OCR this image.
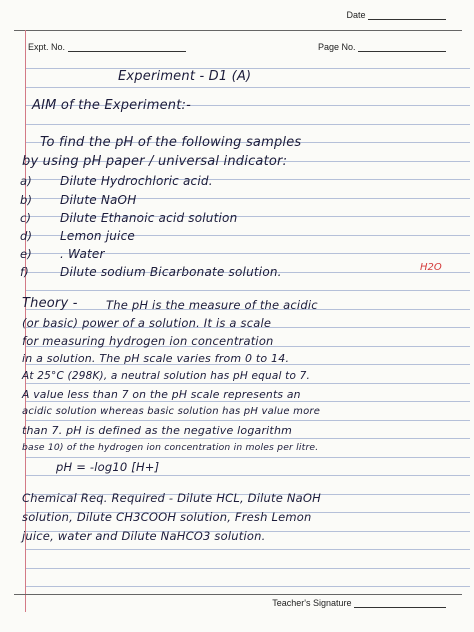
Date
Expt. No.	Page No.
Experiment - D1 (A)
AIM of the Experiment:-
To find the pH of the following samples
by using pH paper / universal indicator:
a) Dilute Hydrochloric acid.
b) Dilute NaOH
c) Dilute Ethanoic acid solution
d) Lemon juice
e) . Water
f)	Dilute sodium Bicarbonate solution.	H2O
Theory - The pH is the measure of the acidic
(or basic) power of a solution. It is a scale
for measuring hydrogen ion concentration
in a solution. The pH scale varies from 0 to 14.
At 25°C (298K), a neutral solution has pH equal to 7.
A value less than 7 on the pH scale represents an
acidic solution whereas basic solution has pH value more
than 7. pH is defined as the negative logarithm
base 10) of the hydrogen ion concentration in moles per litre.
pH = -log10 [H+]
Chemical Req. Required - Dilute HCL, Dilute NaOH
solution, Dilute CH3COOH solution, Fresh Lemon
juice, water and Dilute NaHCO3 solution.
Teacher's Signature
